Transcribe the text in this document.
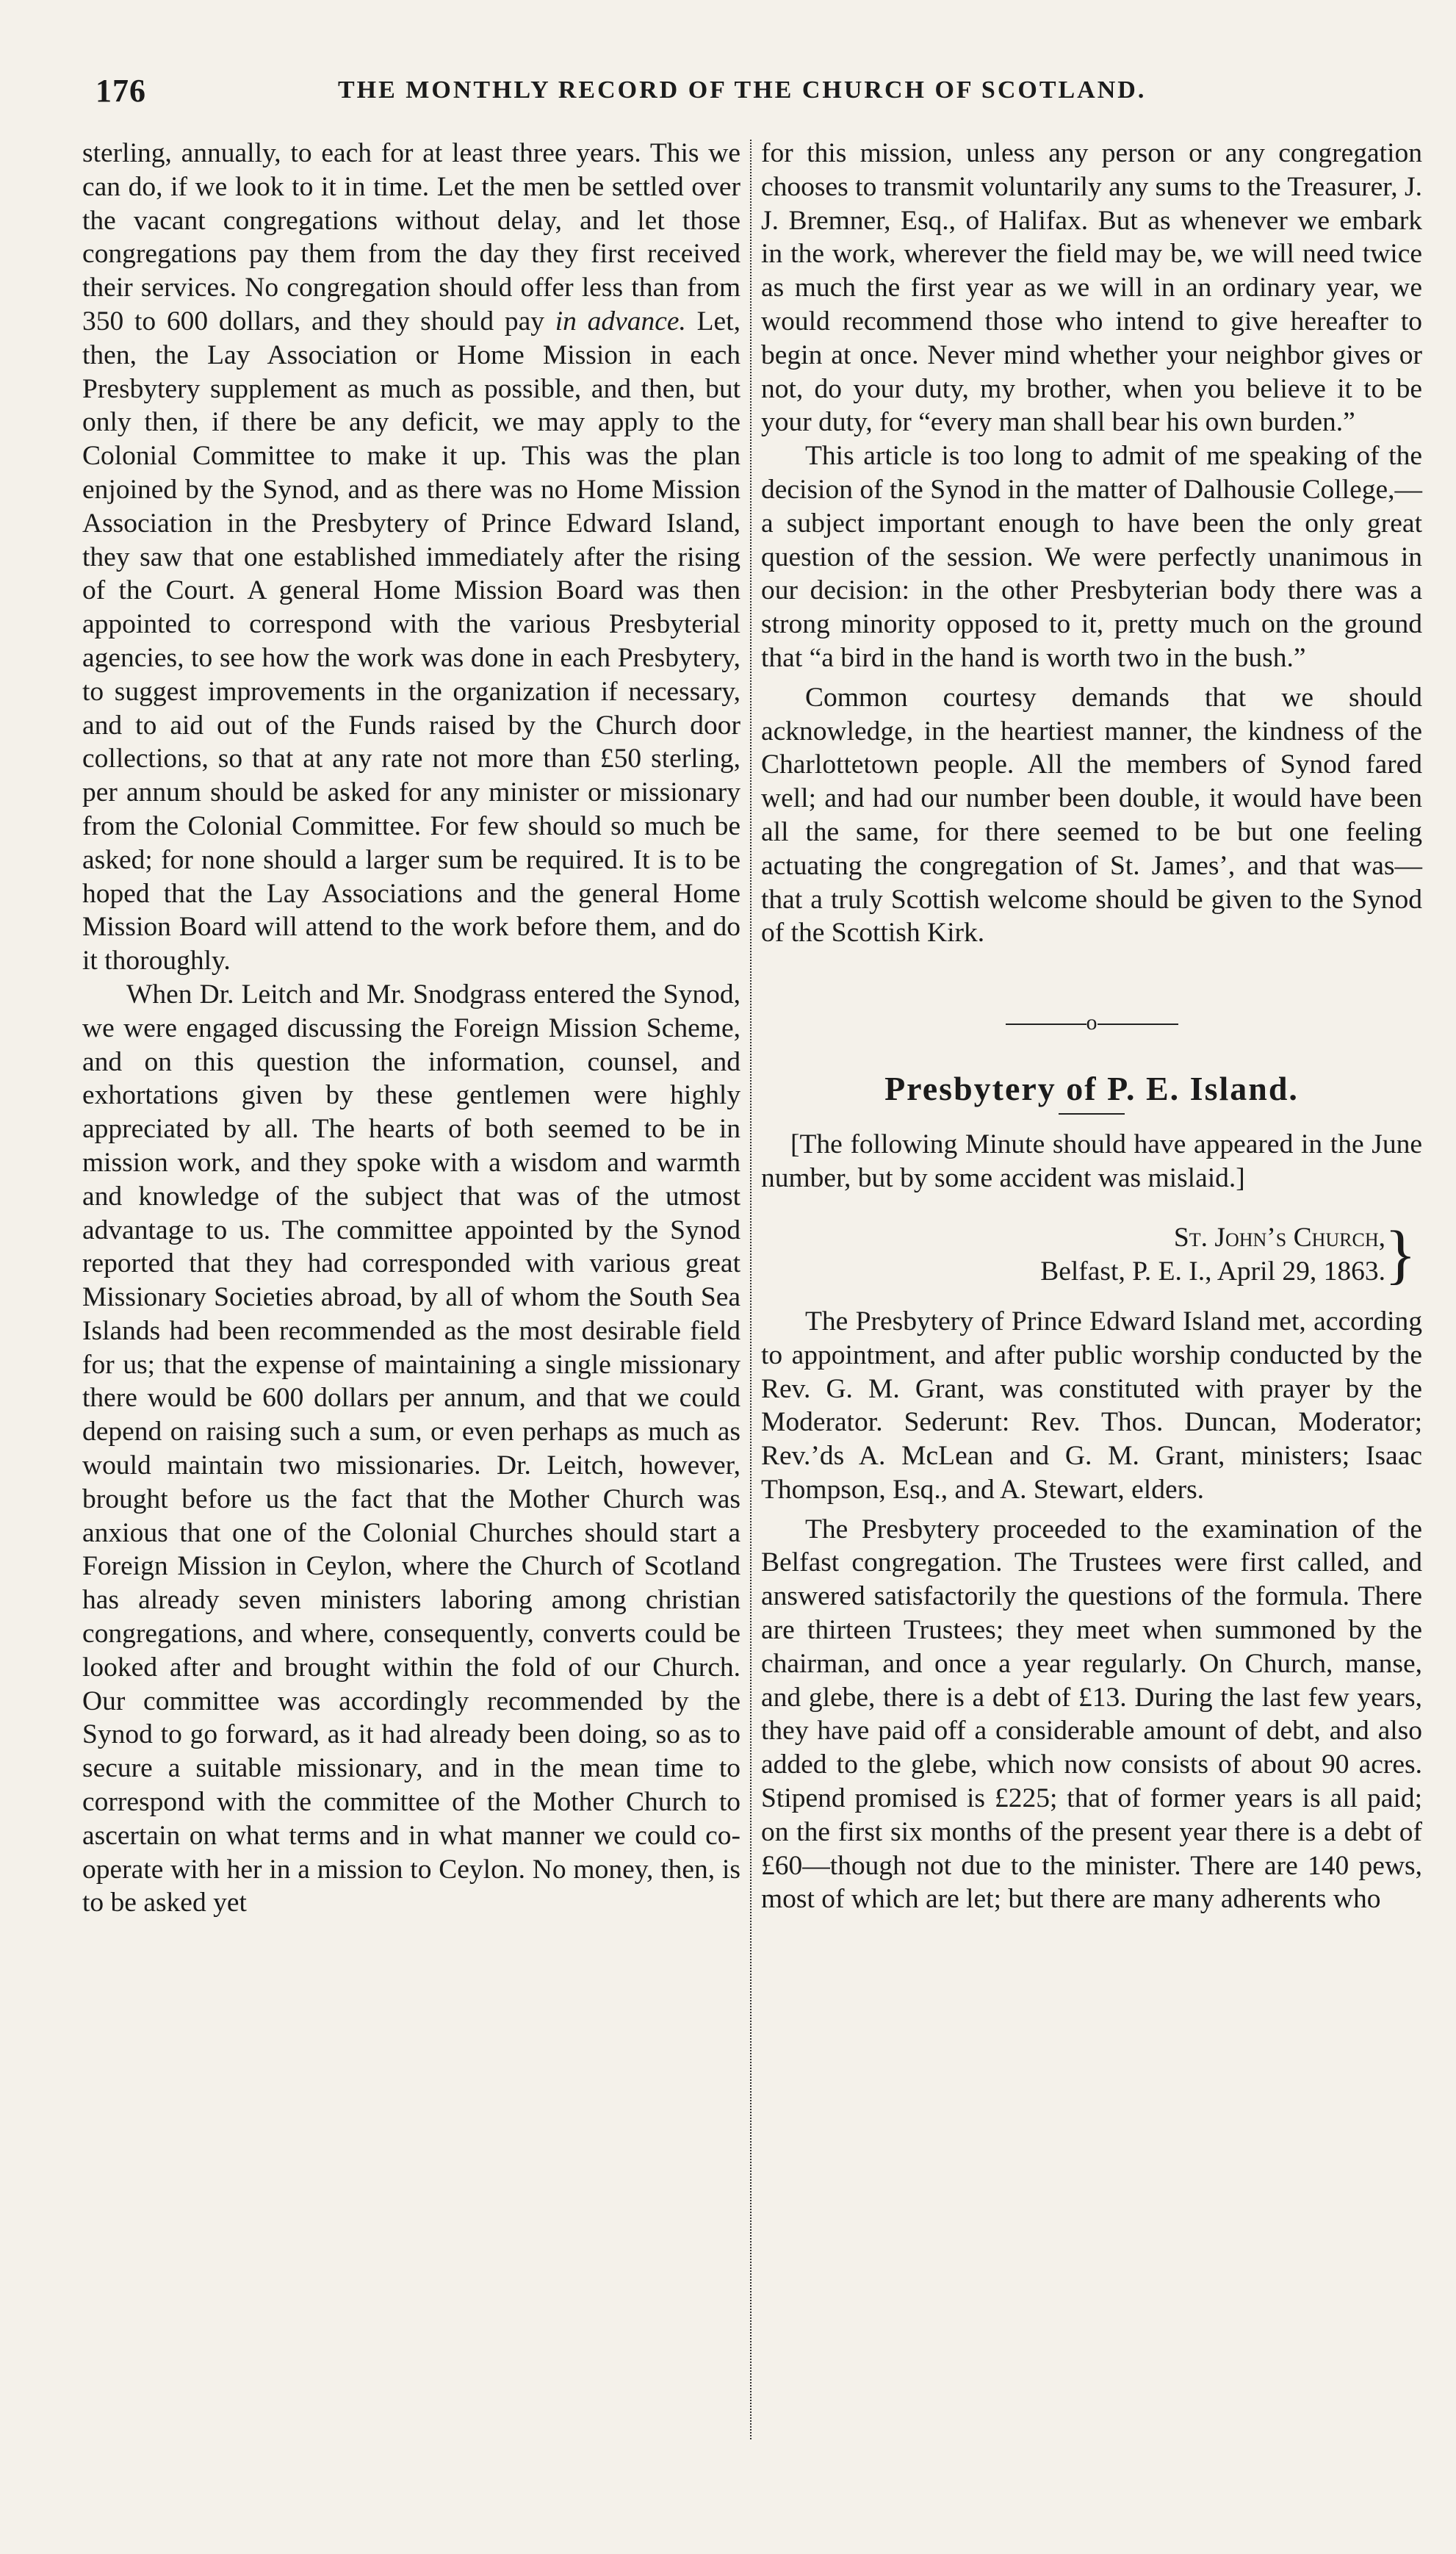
176	THE MONTHLY RECORD OF THE CHURCH OF SCOTLAND.

sterling, annually, to each for at least three years. This we can do, if we look to it in time. Let the men be settled over the vacant congregations without delay, and let those congregations pay them from the day they first received their services. No congregation should offer less than from 350 to 600 dollars, and they should pay in advance. Let, then, the Lay Association or Home Mission in each Presbytery supplement as much as possible, and then, but only then, if there be any deficit, we may apply to the Colonial Committee to make it up. This was the plan enjoined by the Synod, and as there was no Home Mission Association in the Presbytery of Prince Edward Island, they saw that one established immediately after the rising of the Court. A general Home Mission Board was then appointed to correspond with the various Presbyterial agencies, to see how the work was done in each Presbytery, to suggest improvements in the organization if necessary, and to aid out of the Funds raised by the Church door collections, so that at any rate not more than £50 sterling, per annum should be asked for any minister or missionary from the Colonial Committee. For few should so much be asked; for none should a larger sum be required. It is to be hoped that the Lay Associations and the general Home Mission Board will attend to the work before them, and do it thoroughly.

When Dr. Leitch and Mr. Snodgrass entered the Synod, we were engaged discussing the Foreign Mission Scheme, and on this question the information, counsel, and exhortations given by these gentlemen were highly appreciated by all. The hearts of both seemed to be in mission work, and they spoke with a wisdom and warmth and knowledge of the subject that was of the utmost advantage to us. The committee appointed by the Synod reported that they had corresponded with various great Missionary Societies abroad, by all of whom the South Sea Islands had been recommended as the most desirable field for us; that the expense of maintaining a single missionary there would be 600 dollars per annum, and that we could depend on raising such a sum, or even perhaps as much as would maintain two missionaries. Dr. Leitch, however, brought before us the fact that the Mother Church was anxious that one of the Colonial Churches should start a Foreign Mission in Ceylon, where the Church of Scotland has already seven ministers laboring among christian congregations, and where, consequently, converts could be looked after and brought within the fold of our Church. Our committee was accordingly recommended by the Synod to go forward, as it had already been doing, so as to secure a suitable missionary, and in the mean time to correspond with the committee of the Mother Church to ascertain on what terms and in what manner we could co-operate with her in a mission to Ceylon. No money, then, is to be asked yet

for this mission, unless any person or any congregation chooses to transmit voluntarily any sums to the Treasurer, J. J. Bremner, Esq., of Halifax. But as whenever we embark in the work, wherever the field may be, we will need twice as much the first year as we will in an ordinary year, we would recommend those who intend to give hereafter to begin at once. Never mind whether your neighbor gives or not, do your duty, my brother, when you believe it to be your duty, for “every man shall bear his own burden.”

This article is too long to admit of me speaking of the decision of the Synod in the matter of Dalhousie College,—a subject important enough to have been the only great question of the session. We were perfectly unanimous in our decision: in the other Presbyterian body there was a strong minority opposed to it, pretty much on the ground that “a bird in the hand is worth two in the bush.”

Common courtesy demands that we should acknowledge, in the heartiest manner, the kindness of the Charlottetown people. All the members of Synod fared well; and had our number been double, it would have been all the same, for there seemed to be but one feeling actuating the congregation of St. James’, and that was—that a truly Scottish welcome should be given to the Synod of the Scottish Kirk.

o
Presbytery of P. E. Island.

[The following Minute should have appeared in the June number, but by some accident was mislaid.]

St. John’s Church,
Belfast, P. E. I., April 29, 1863.
}

The Presbytery of Prince Edward Island met, according to appointment, and after public worship conducted by the Rev. G. M. Grant, was constituted with prayer by the Moderator. Sederunt: Rev. Thos. Duncan, Moderator; Rev.’ds A. McLean and G. M. Grant, ministers; Isaac Thompson, Esq., and A. Stewart, elders.

The Presbytery proceeded to the examination of the Belfast congregation. The Trustees were first called, and answered satisfactorily the questions of the formula. There are thirteen Trustees; they meet when summoned by the chairman, and once a year regularly. On Church, manse, and glebe, there is a debt of £13. During the last few years, they have paid off a considerable amount of debt, and also added to the glebe, which now consists of about 90 acres. Stipend promised is £225; that of former years is all paid; on the first six months of the present year there is a debt of £60—though not due to the minister. There are 140 pews, most of which are let; but there are many adherents who
